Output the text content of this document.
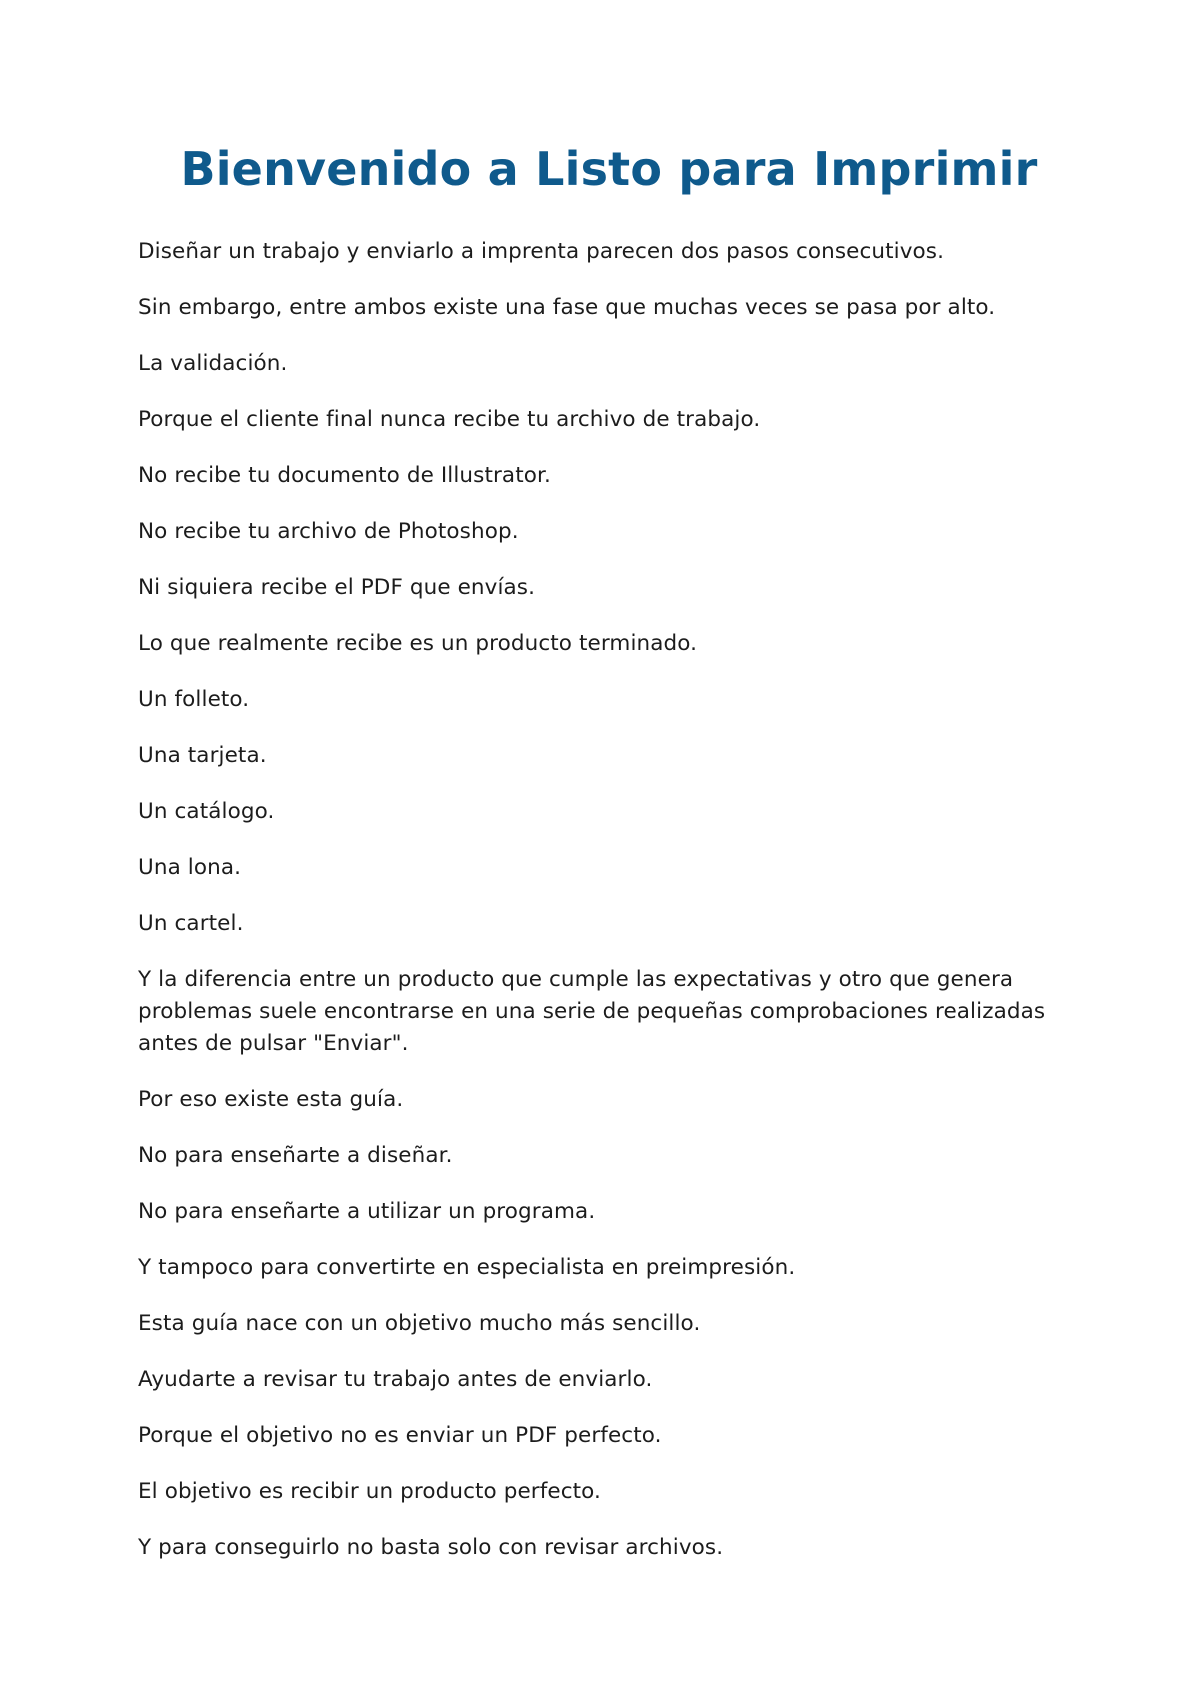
Bienvenido a Listo para Imprimir

Diseñar un trabajo y enviarlo a imprenta parecen dos pasos consecutivos.

Sin embargo, entre ambos existe una fase que muchas veces se pasa por alto.

La validación.

Porque el cliente final nunca recibe tu archivo de trabajo.

No recibe tu documento de Illustrator.

No recibe tu archivo de Photoshop.

Ni siquiera recibe el PDF que envías.

Lo que realmente recibe es un producto terminado.

Un folleto.

Una tarjeta.

Un catálogo.

Una lona.

Un cartel.

Y la diferencia entre un producto que cumple las expectativas y otro que genera problemas suele encontrarse en una serie de pequeñas comprobaciones realizadas antes de pulsar "Enviar".

Por eso existe esta guía.

No para enseñarte a diseñar.

No para enseñarte a utilizar un programa.

Y tampoco para convertirte en especialista en preimpresión.

Esta guía nace con un objetivo mucho más sencillo.

Ayudarte a revisar tu trabajo antes de enviarlo.

Porque el objetivo no es enviar un PDF perfecto.

El objetivo es recibir un producto perfecto.

Y para conseguirlo no basta solo con revisar archivos.
